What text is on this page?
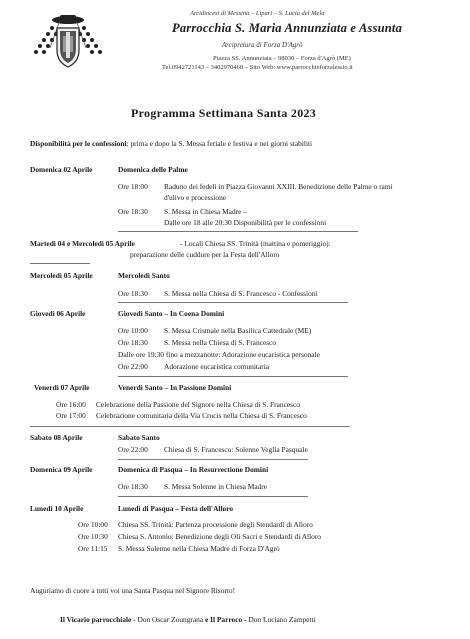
Arcidiocesi di Messina – Lipari – S. Lucia del Mela
Parrocchia S. Maria Annunziata e Assunta
Arcipretura di Forza D'Agrò
Piazza SS. Annunziata – 98030 – Forza d'Agrò (ME)
Tel.0942721143 – 3402970468 – Sito Web: www.parrocchieforzalessio.it
Programma Settimana Santa 2023
Disponibilità per le confessioni: prima e dopo la S. Messa feriale e festiva e nei giorni stabiliti
Domenica 02 Aprile	Domenica delle Palme
Ore 18:00 Raduno dei fedeli in Piazza Giovanni XXIII. Benedizione delle Palme o rami
d'ulivo e processione
Ore 18:30 S. Messa in Chiesa Madre –
Dalle ore 18 alle 20:30 Disponibilità per le confessioni
Martedì 04 e Mercoledì 05 Aprile	- Locali Chiesa SS. Trinità (mattina e pomeriggio):
preparazione delle cuddure per la Festa dell'Alloro
Mercoledì 05 Aprile	Mercoledì Santo
Ore 18:30 S. Messa nella Chiesa di S. Francesco - Confessioni
Giovedì 06 Aprile	Giovedì Santo – In Coena Domini
Ore 10:00 S. Messa Crismale nella Basilica Cattedrale (ME)
Ore 18:30 S. Messa nella Chiesa di S. Francesco
Dalle ore 19:30 fino a mezzanotte: Adorazione eucaristica personale
Ore 22:00 Adorazione eucaristica comunitaria
Venerdì 07 Aprile	Venerdì Santo – In Passione Domini
Ore 16:00 Celebrazione della Passione del Signore nella Chiesa di S. Francesco
Ore 17:00 Celebrazione comunitaria della Via Crucis nella Chiesa di S. Francesco
Sabato 08 Aprile	Sabato Santo
Ore 22:00 Chiesa di S. Francesco: Solenne Veglia Pasquale
Domenica 09 Aprile	Domenica di Pasqua – In Resurrectione Domini
Ore 18:30 S. Messa Solenne in Chiesa Madre
Lunedì 10 Aprile	Lunedì di Pasqua – Festa dell'Alloro
Ore 10:00 Chiesa SS. Trinità: Partenza processione degli Stendardi di Alloro
Ore 10:30 Chiesa S. Antonio: Benedizione degli Oli Sacri e Stendardi di Alloro
Ore 11:15 S. Messa Solenne nella Chiesa Madre di Forza D'Agrò
Auguriamo di cuore a tutti voi una Santa Pasqua nel Signore Risorto!
Il Vicario parrocchiale - Don Oscar Zoungrana e Il Parroco - Don Luciano Zampetti
